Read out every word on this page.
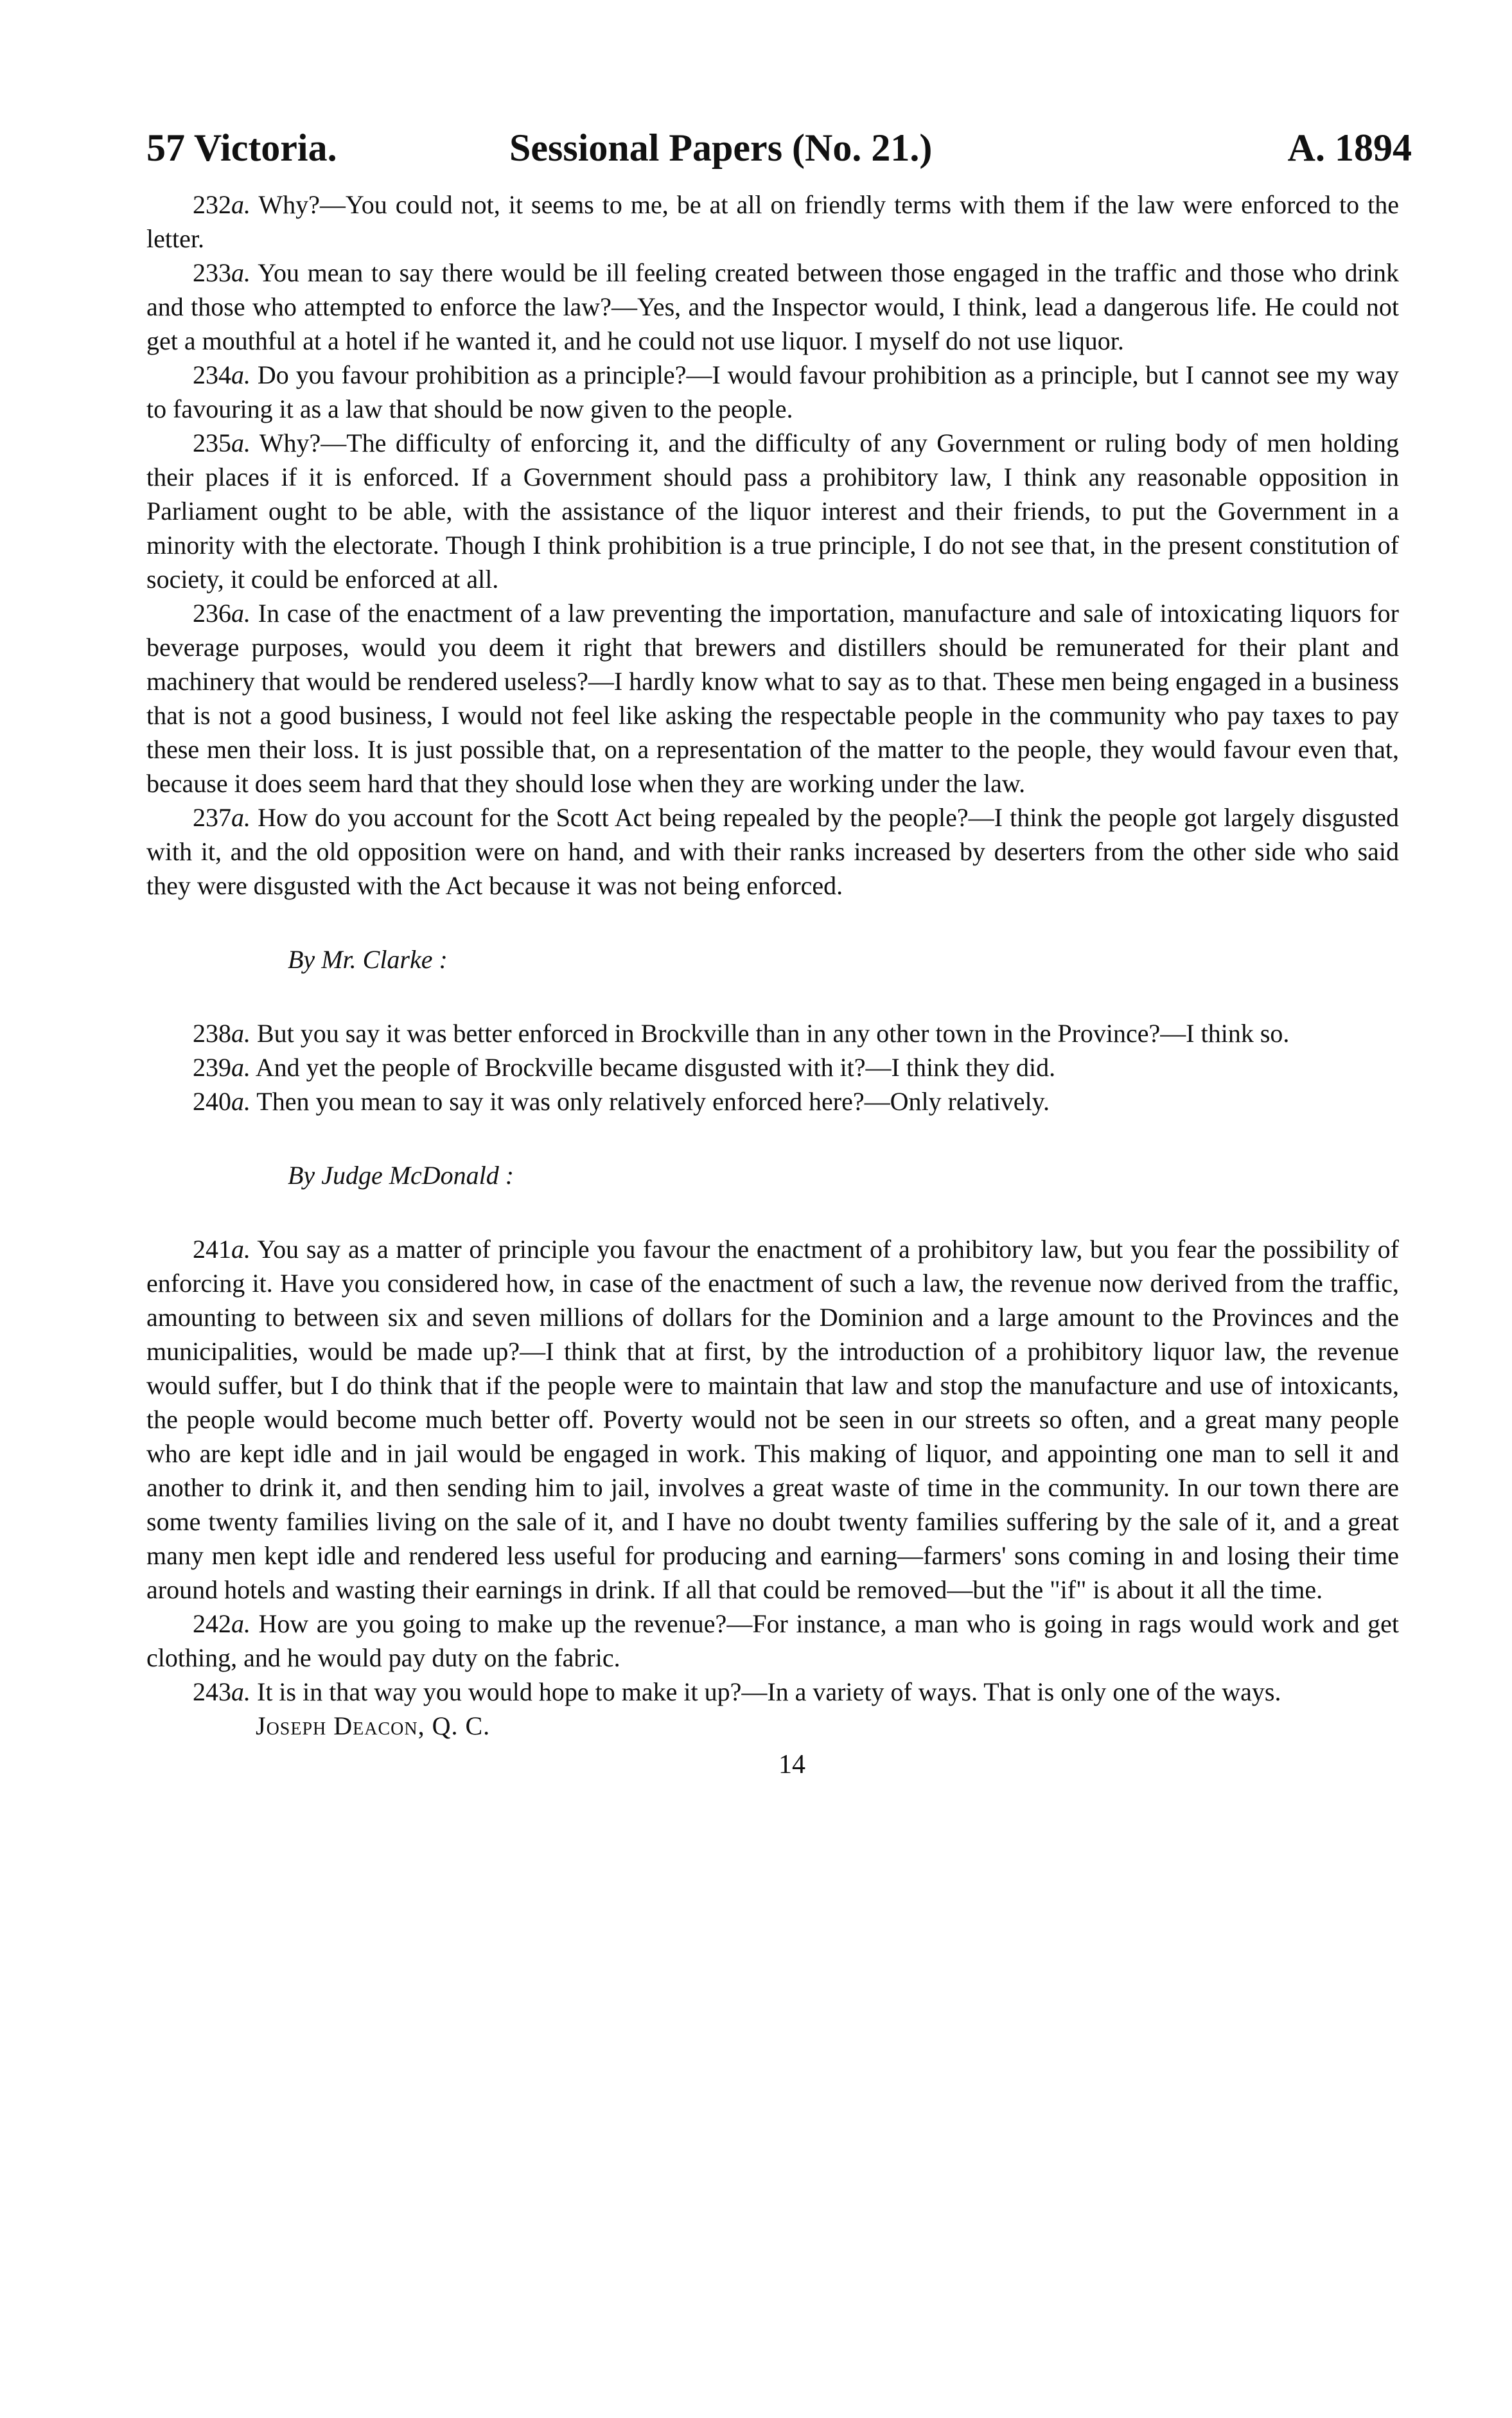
57 Victoria.	Sessional Papers (No. 21.)	A. 1894

232a. Why?—You could not, it seems to me, be at all on friendly terms with them if the law were enforced to the letter.

233a. You mean to say there would be ill feeling created between those engaged in the traffic and those who drink and those who attempted to enforce the law?—Yes, and the Inspector would, I think, lead a dangerous life. He could not get a mouthful at a hotel if he wanted it, and he could not use liquor. I myself do not use liquor.

234a. Do you favour prohibition as a principle?—I would favour prohibition as a principle, but I cannot see my way to favouring it as a law that should be now given to the people.

235a. Why?—The difficulty of enforcing it, and the difficulty of any Government or ruling body of men holding their places if it is enforced. If a Government should pass a prohibitory law, I think any reasonable opposition in Parliament ought to be able, with the assistance of the liquor interest and their friends, to put the Government in a minority with the electorate. Though I think prohibition is a true principle, I do not see that, in the present constitution of society, it could be enforced at all.

236a. In case of the enactment of a law preventing the importation, manufacture and sale of intoxicating liquors for beverage purposes, would you deem it right that brewers and distillers should be remunerated for their plant and machinery that would be rendered useless?—I hardly know what to say as to that. These men being engaged in a business that is not a good business, I would not feel like asking the respectable people in the community who pay taxes to pay these men their loss. It is just possible that, on a representation of the matter to the people, they would favour even that, because it does seem hard that they should lose when they are working under the law.

237a. How do you account for the Scott Act being repealed by the people?—I think the people got largely disgusted with it, and the old opposition were on hand, and with their ranks increased by deserters from the other side who said they were disgusted with the Act because it was not being enforced.

By Mr. Clarke :

238a. But you say it was better enforced in Brockville than in any other town in the Province?—I think so.

239a. And yet the people of Brockville became disgusted with it?—I think they did.

240a. Then you mean to say it was only relatively enforced here?—Only relatively.

By Judge McDonald :

241a. You say as a matter of principle you favour the enactment of a prohibitory law, but you fear the possibility of enforcing it. Have you considered how, in case of the enactment of such a law, the revenue now derived from the traffic, amounting to between six and seven millions of dollars for the Dominion and a large amount to the Provinces and the municipalities, would be made up?—I think that at first, by the introduction of a prohibitory liquor law, the revenue would suffer, but I do think that if the people were to maintain that law and stop the manufacture and use of intoxicants, the people would become much better off. Poverty would not be seen in our streets so often, and a great many people who are kept idle and in jail would be engaged in work. This making of liquor, and appointing one man to sell it and another to drink it, and then sending him to jail, involves a great waste of time in the community. In our town there are some twenty families living on the sale of it, and I have no doubt twenty families suffering by the sale of it, and a great many men kept idle and rendered less useful for producing and earning—farmers' sons coming in and losing their time around hotels and wasting their earnings in drink. If all that could be removed—but the "if" is about it all the time.

242a. How are you going to make up the revenue?—For instance, a man who is going in rags would work and get clothing, and he would pay duty on the fabric.

243a. It is in that way you would hope to make it up?—In a variety of ways. That is only one of the ways.

Joseph Deacon, Q. C.
14
